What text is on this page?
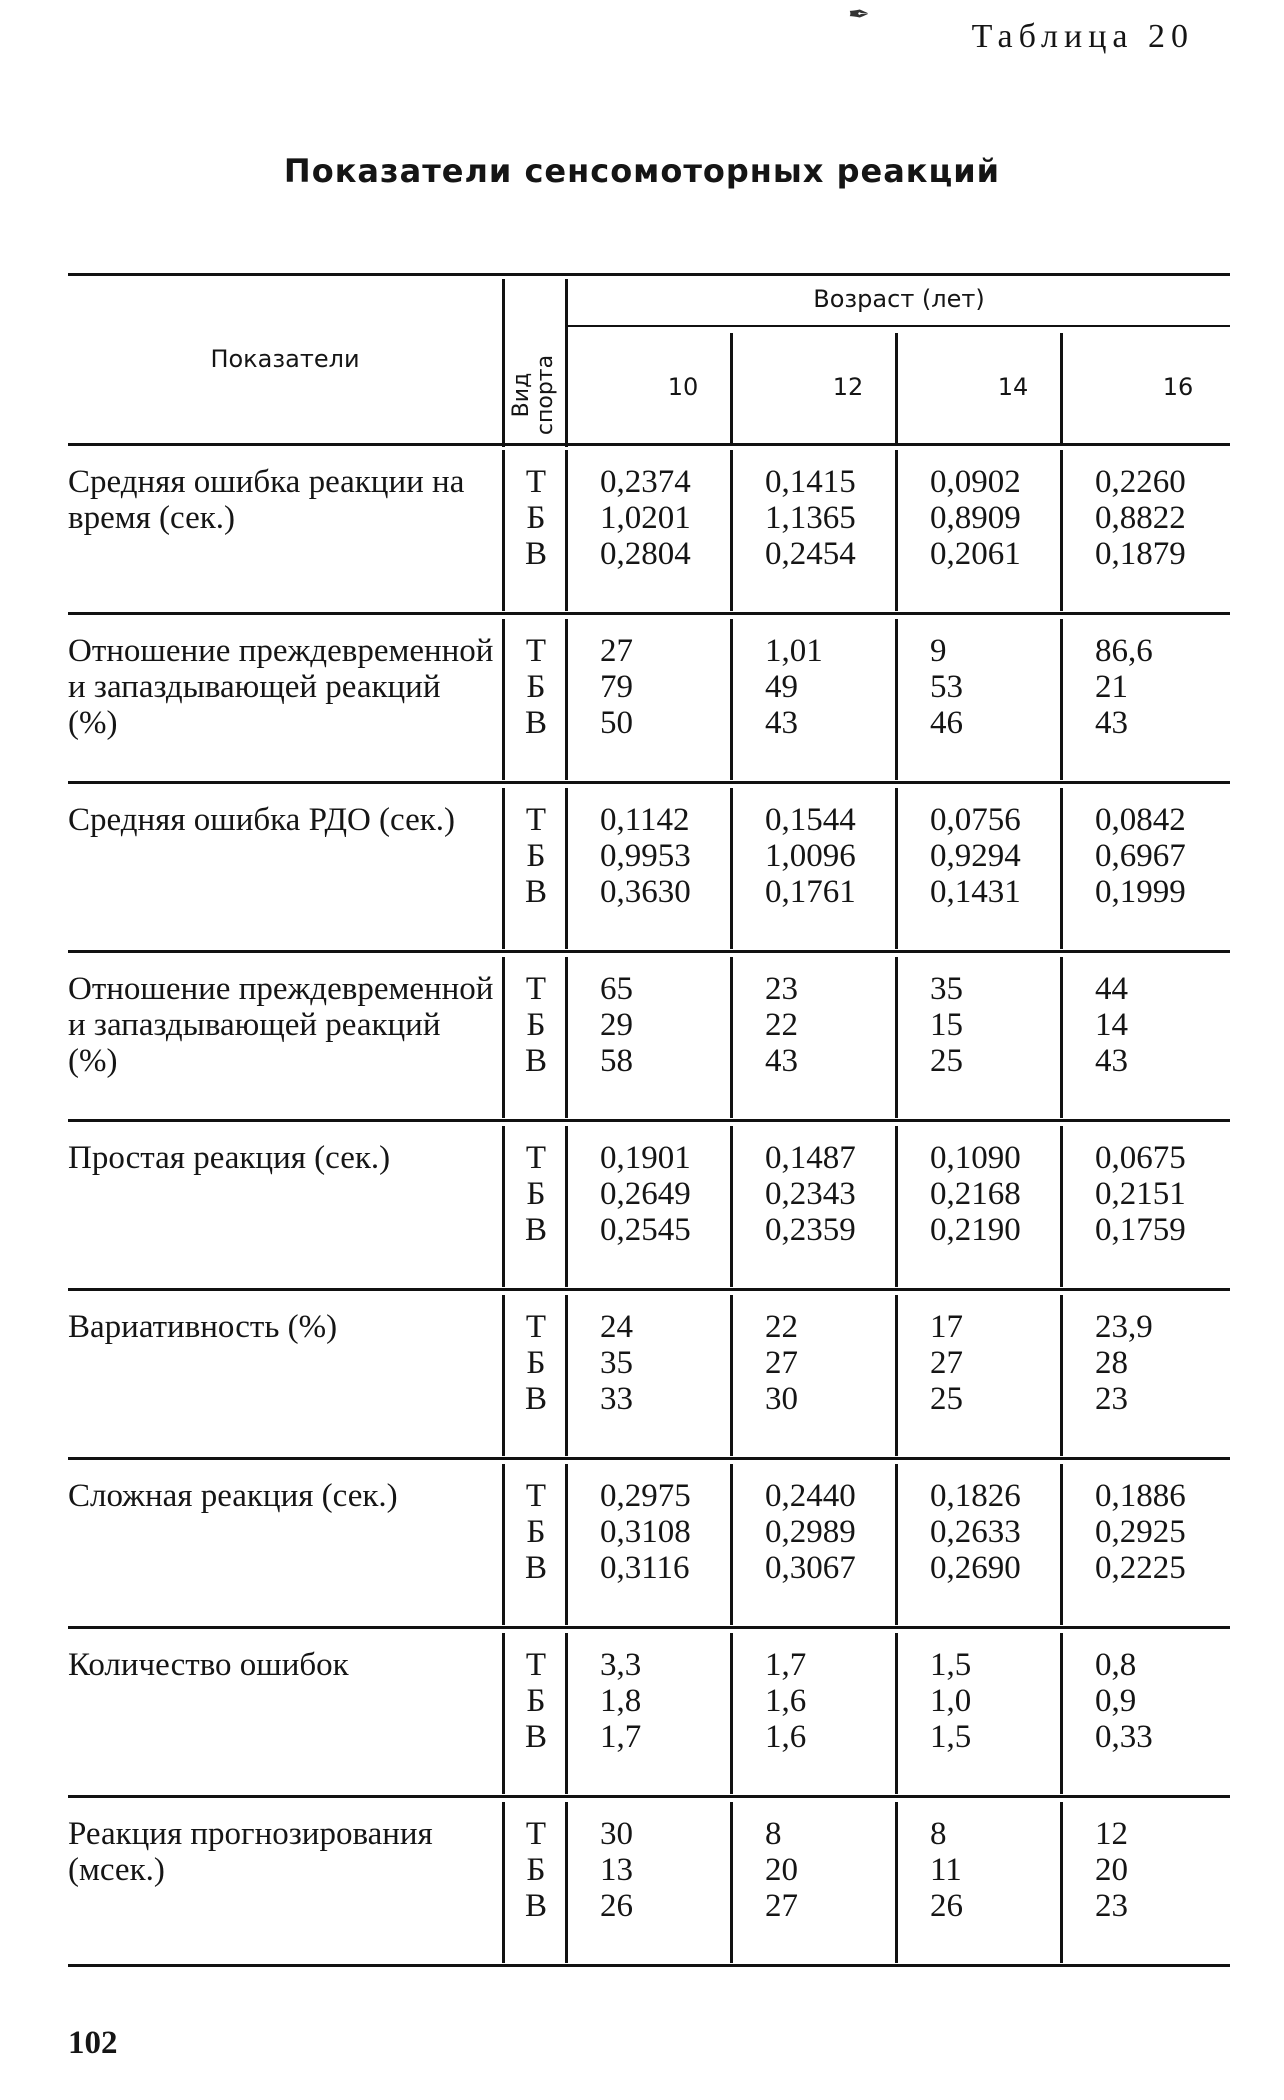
✒
Таблица 20
Показатели сенсомоторных реакций
Показатели
Вид спорта
Возраст (лет)
10	12	14	16
Средняя ошибка реакции на время (сек.)
Т	0,2374	0,1415	0,0902	0,2260
Б	1,0201	1,1365	0,8909	0,8822
В 0,2804	0,2454	0,2061	0,1879
Отношение преждевременной и запаздывающей реакций (%)
Т	27	1,01	9	86,6
Б	79	49	53	21
В 50	43	46	43
Средняя ошибка РДО (сек.)	Т	0,1142	0,1544	0,0756	0,0842
Б	0,9953	1,0096	0,9294	0,6967
В 0,3630	0,1761	0,1431	0,1999
Отношение преждевременной и запаздывающей реакций (%)
Т	65	23	35	44
Б	29	22	15	14
В 58	43	25	43
Простая реакция (сек.)	Т	0,1901	0,1487	0,1090	0,0675
Б	0,2649	0,2343	0,2168	0,2151
В 0,2545	0,2359	0,2190	0,1759
Вариативность (%)	Т	24	22	17	23,9
Б	35	27	27	28
В 33	30	25	23
Сложная реакция (сек.)	Т	0,2975	0,2440	0,1826	0,1886
Б	0,3108	0,2989	0,2633	0,2925
В 0,3116	0,3067	0,2690	0,2225
Количество ошибок	Т	3,3	1,7	1,5	0,8
Б	1,8	1,6	1,0	0,9
В 1,7	1,6	1,5	0,33
Реакция прогнозирования (мсек.)
Т	30	8	8	12
Б	13	20	11	20
В 26	27	26	23
102
